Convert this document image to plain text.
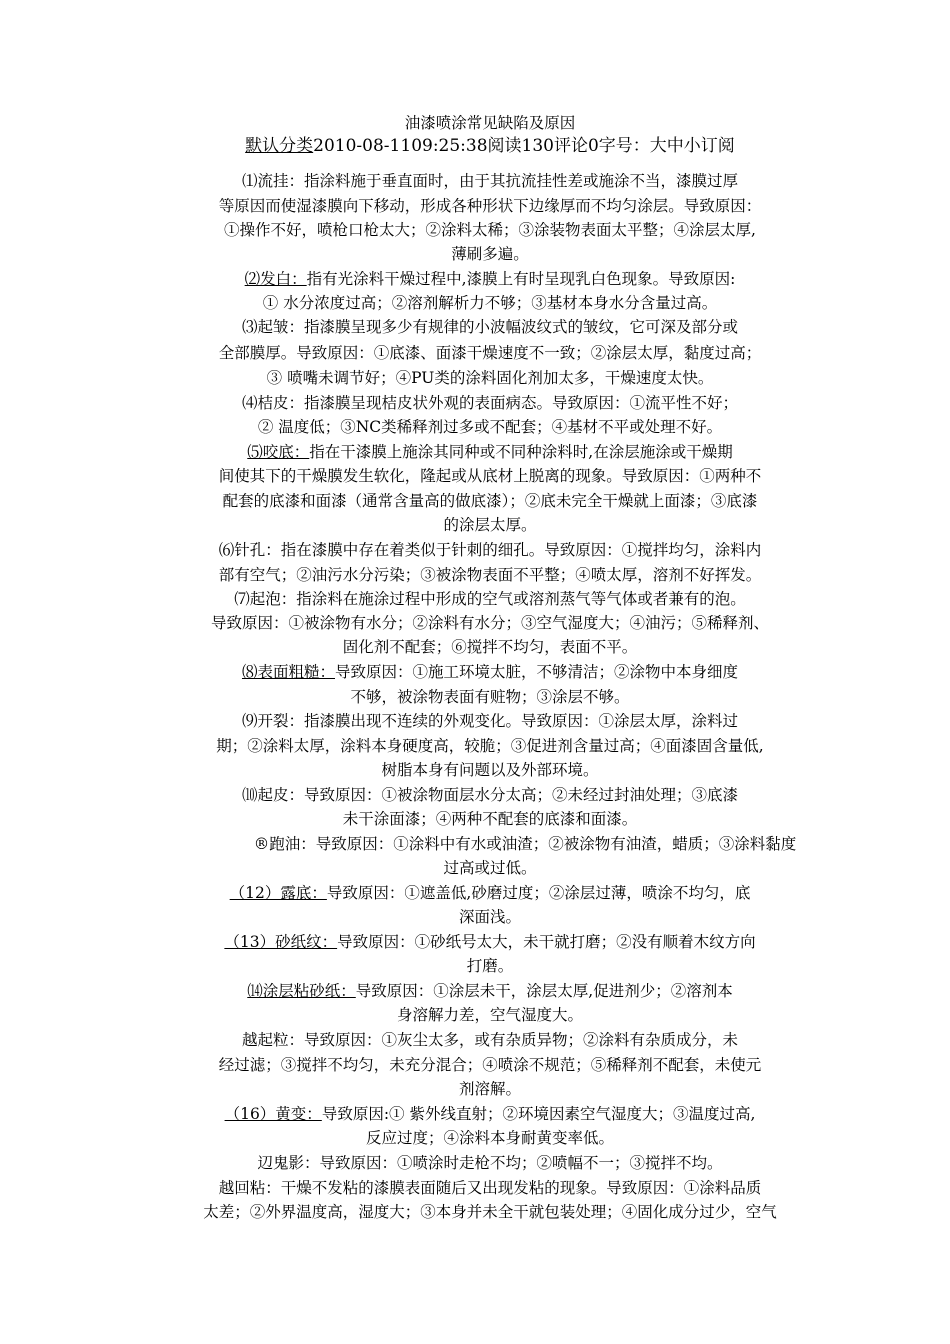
油漆喷涂常见缺陷及原因
默认分类2010-08-1109:25:38阅读130评论0字号：大中小订阅
⑴流挂：指涂料施于垂直面时，由于其抗流挂性差或施涂不当，漆膜过厚
等原因而使湿漆膜向下移动，形成各种形状下边缘厚而不均匀涂层。导致原因：
①操作不好，喷枪口枪太大；②涂料太稀；③涂装物表面太平整；④涂层太厚,
薄刷多遍。
⑵发白：指有光涂料干燥过程中,漆膜上有时呈现乳白色现象。导致原因:
① 水分浓度过高；②溶剂解析力不够；③基材本身水分含量过高。
⑶起皱：指漆膜呈现多少有规律的小波幅波纹式的皱纹，它可深及部分或
全部膜厚。导致原因：①底漆、面漆干燥速度不一致；②涂层太厚，黏度过高；
③ 喷嘴未调节好；④PU类的涂料固化剂加太多，干燥速度太快。
⑷桔皮：指漆膜呈现桔皮状外观的表面病态。导致原因：①流平性不好；
② 温度低；③NC类稀释剂过多或不配套；④基材不平或处理不好。
⑸咬底：指在干漆膜上施涂其同种或不同种涂料时,在涂层施涂或干燥期
间使其下的干燥膜发生软化，隆起或从底材上脱离的现象。导致原因：①两种不
配套的底漆和面漆（通常含量高的做底漆）；②底未完全干燥就上面漆；③底漆
的涂层太厚。
⑹针孔：指在漆膜中存在着类似于针刺的细孔。导致原因：①搅拌均匀，涂料内
部有空气；②油污水分污染；③被涂物表面不平整；④喷太厚，溶剂不好挥发。
⑺起泡：指涂料在施涂过程中形成的空气或溶剂蒸气等气体或者兼有的泡。
导致原因：①被涂物有水分；②涂料有水分；③空气湿度大；④油污；⑤稀释剂、
固化剂不配套；⑥搅拌不均匀，表面不平。
⑻表面粗糙：导致原因：①施工环境太脏，不够清洁；②涂物中本身细度
不够，被涂物表面有赃物；③涂层不够。
⑼开裂：指漆膜出现不连续的外观变化。导致原因：①涂层太厚，涂料过
期；②涂料太厚，涂料本身硬度高，较脆；③促进剂含量过高；④面漆固含量低,
树脂本身有问题以及外部环境。
⑽起皮：导致原因：①被涂物面层水分太高；②未经过封油处理；③底漆
未干涂面漆；④两种不配套的底漆和面漆。
®跑油：导致原因：①涂料中有水或油渣；②被涂物有油渣，蜡质；③涂料黏度
过高或过低。
（12）露底：导致原因：①遮盖低,砂磨过度；②涂层过薄，喷涂不均匀，底
深面浅。
（13）砂纸纹：导致原因：①砂纸号太大，未干就打磨；②没有顺着木纹方向
打磨。
⒁涂层粘砂纸：导致原因：①涂层未干，涂层太厚,促进剂少；②溶剂本
身溶解力差，空气湿度大。
越起粒：导致原因：①灰尘太多，或有杂质异物；②涂料有杂质成分，未
经过滤；③搅拌不均匀，未充分混合；④喷涂不规范；⑤稀释剂不配套，未使元
剂溶解。
（16）黄变：导致原因:① 紫外线直射；②环境因素空气湿度大；③温度过高,
反应过度；④涂料本身耐黄变率低。
辺鬼影：导致原因：①喷涂时走枪不均；②喷幅不一；③搅拌不均。
越回粘：干燥不发粘的漆膜表面随后又出现发粘的现象。导致原因：①涂料品质
太差；②外界温度高，湿度大；③本身并未全干就包装处理；④固化成分过少，空气
